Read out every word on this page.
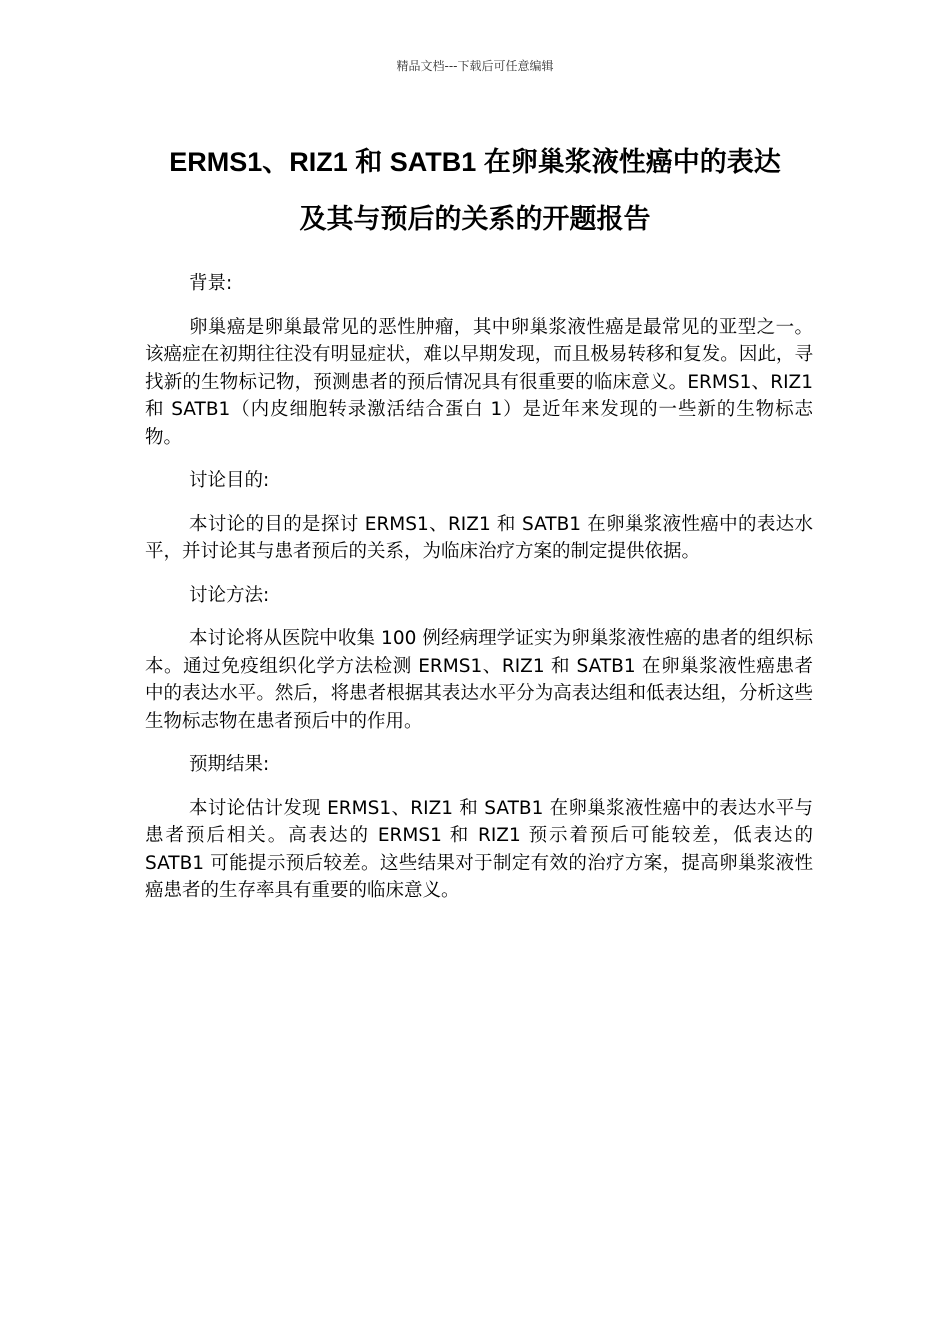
精品文档---下载后可任意编辑
ERMS1、RIZ1 和 SATB1 在卵巢浆液性癌中的表达
及其与预后的关系的开题报告

背景:

卵巢癌是卵巢最常见的恶性肿瘤，其中卵巢浆液性癌是最常见的亚型之一。该癌症在初期往往没有明显症状，难以早期发现，而且极易转移和复发。因此，寻找新的生物标记物，预测患者的预后情况具有很重要的临床意义。ERMS1、RIZ1 和 SATB1（内皮细胞转录激活结合蛋白 1）是近年来发现的一些新的生物标志物。

讨论目的:

本讨论的目的是探讨 ERMS1、RIZ1 和 SATB1 在卵巢浆液性癌中的表达水平，并讨论其与患者预后的关系，为临床治疗方案的制定提供依据。

讨论方法:

本讨论将从医院中收集 100 例经病理学证实为卵巢浆液性癌的患者的组织标本。通过免疫组织化学方法检测 ERMS1、RIZ1 和 SATB1 在卵巢浆液性癌患者中的表达水平。然后，将患者根据其表达水平分为高表达组和低表达组，分析这些生物标志物在患者预后中的作用。

预期结果:

本讨论估计发现 ERMS1、RIZ1 和 SATB1 在卵巢浆液性癌中的表达水平与患者预后相关。高表达的 ERMS1 和 RIZ1 预示着预后可能较差，低表达的 SATB1 可能提示预后较差。这些结果对于制定有效的治疗方案，提高卵巢浆液性癌患者的生存率具有重要的临床意义。
